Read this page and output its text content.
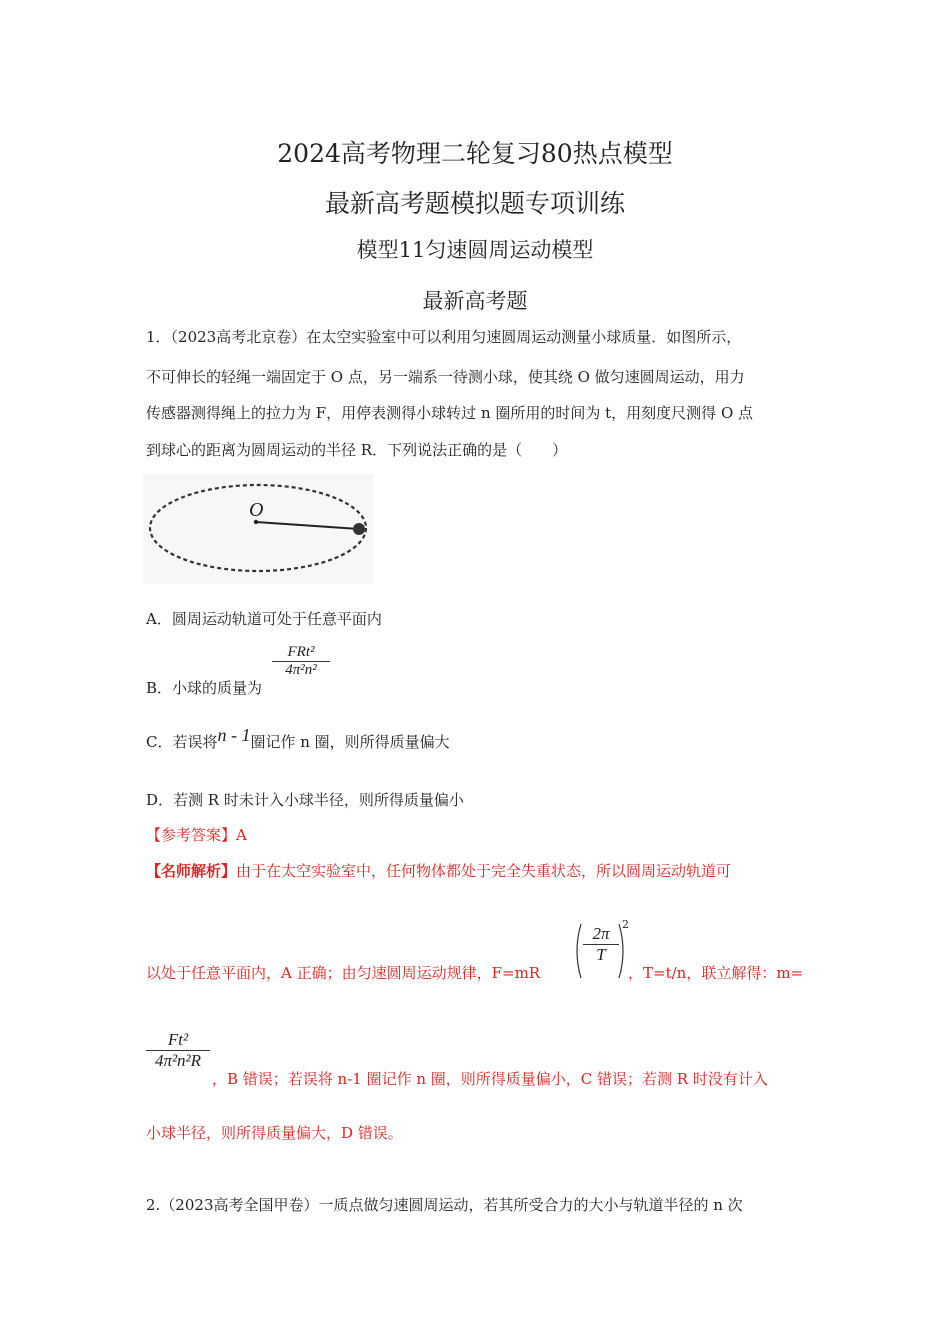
2024高考物理二轮复习80热点模型
最新高考题模拟题专项训练
模型11匀速圆周运动模型
最新高考题
1．（2023高考北京卷）在太空实验室中可以利用匀速圆周运动测量小球质量．如图所示，
不可伸长的轻绳一端固定于 O 点，另一端系一待测小球，使其绕 O 做匀速圆周运动，用力
传感器测得绳上的拉力为 F，用停表测得小球转过 n 圈所用的时间为 t，用刻度尺测得 O 点
到球心的距离为圆周运动的半径 R．下列说法正确的是（　　）
O
A．圆周运动轨道可处于任意平面内
B．小球的质量为
FRt²
4π²n²
C．若误将n - 1圈记作 n 圈，则所得质量偏大
D．若测 R 时未计入小球半径，则所得质量偏小
【参考答案】A
【名师解析】由于在太空实验室中，任何物体都处于完全失重状态，所以圆周运动轨道可
以处于任意平面内，A 正确；由匀速圆周运动规律，F=mR
2π
T
2
，T=t/n，联立解得：m=
Ft²
4π²n²R
，B 错误；若误将 n-1 圈记作 n 圈，则所得质量偏小，C 错误；若测 R 时没有计入
小球半径，则所得质量偏大，D 错误。
2.（2023高考全国甲卷）一质点做匀速圆周运动，若其所受合力的大小与轨道半径的 n 次
